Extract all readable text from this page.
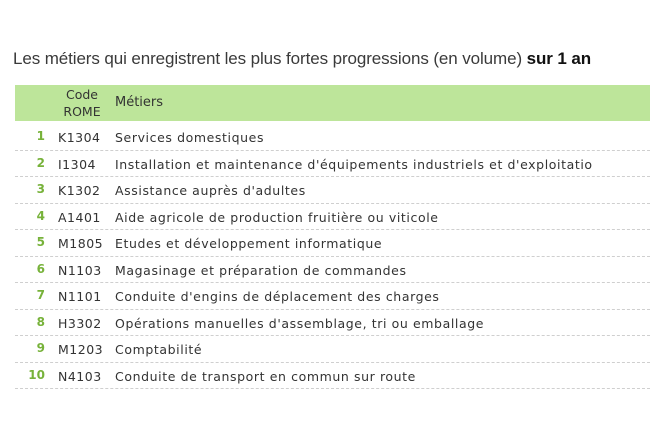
Les métiers qui enregistrent les plus fortes progressions (en volume) sur 1 an
Code
ROME
Métiers
1 K1304 Services domestiques
2 I1304 Installation et maintenance d'équipements industriels et d'exploitatio
3 K1302 Assistance auprès d'adultes
4 A1401 Aide agricole de production fruitière ou viticole
5 M1805 Etudes et développement informatique
6 N1103 Magasinage et préparation de commandes
7 N1101 Conduite d'engins de déplacement des charges
8 H3302 Opérations manuelles d'assemblage, tri ou emballage
9 M1203 Comptabilité
10 N4103 Conduite de transport en commun sur route
